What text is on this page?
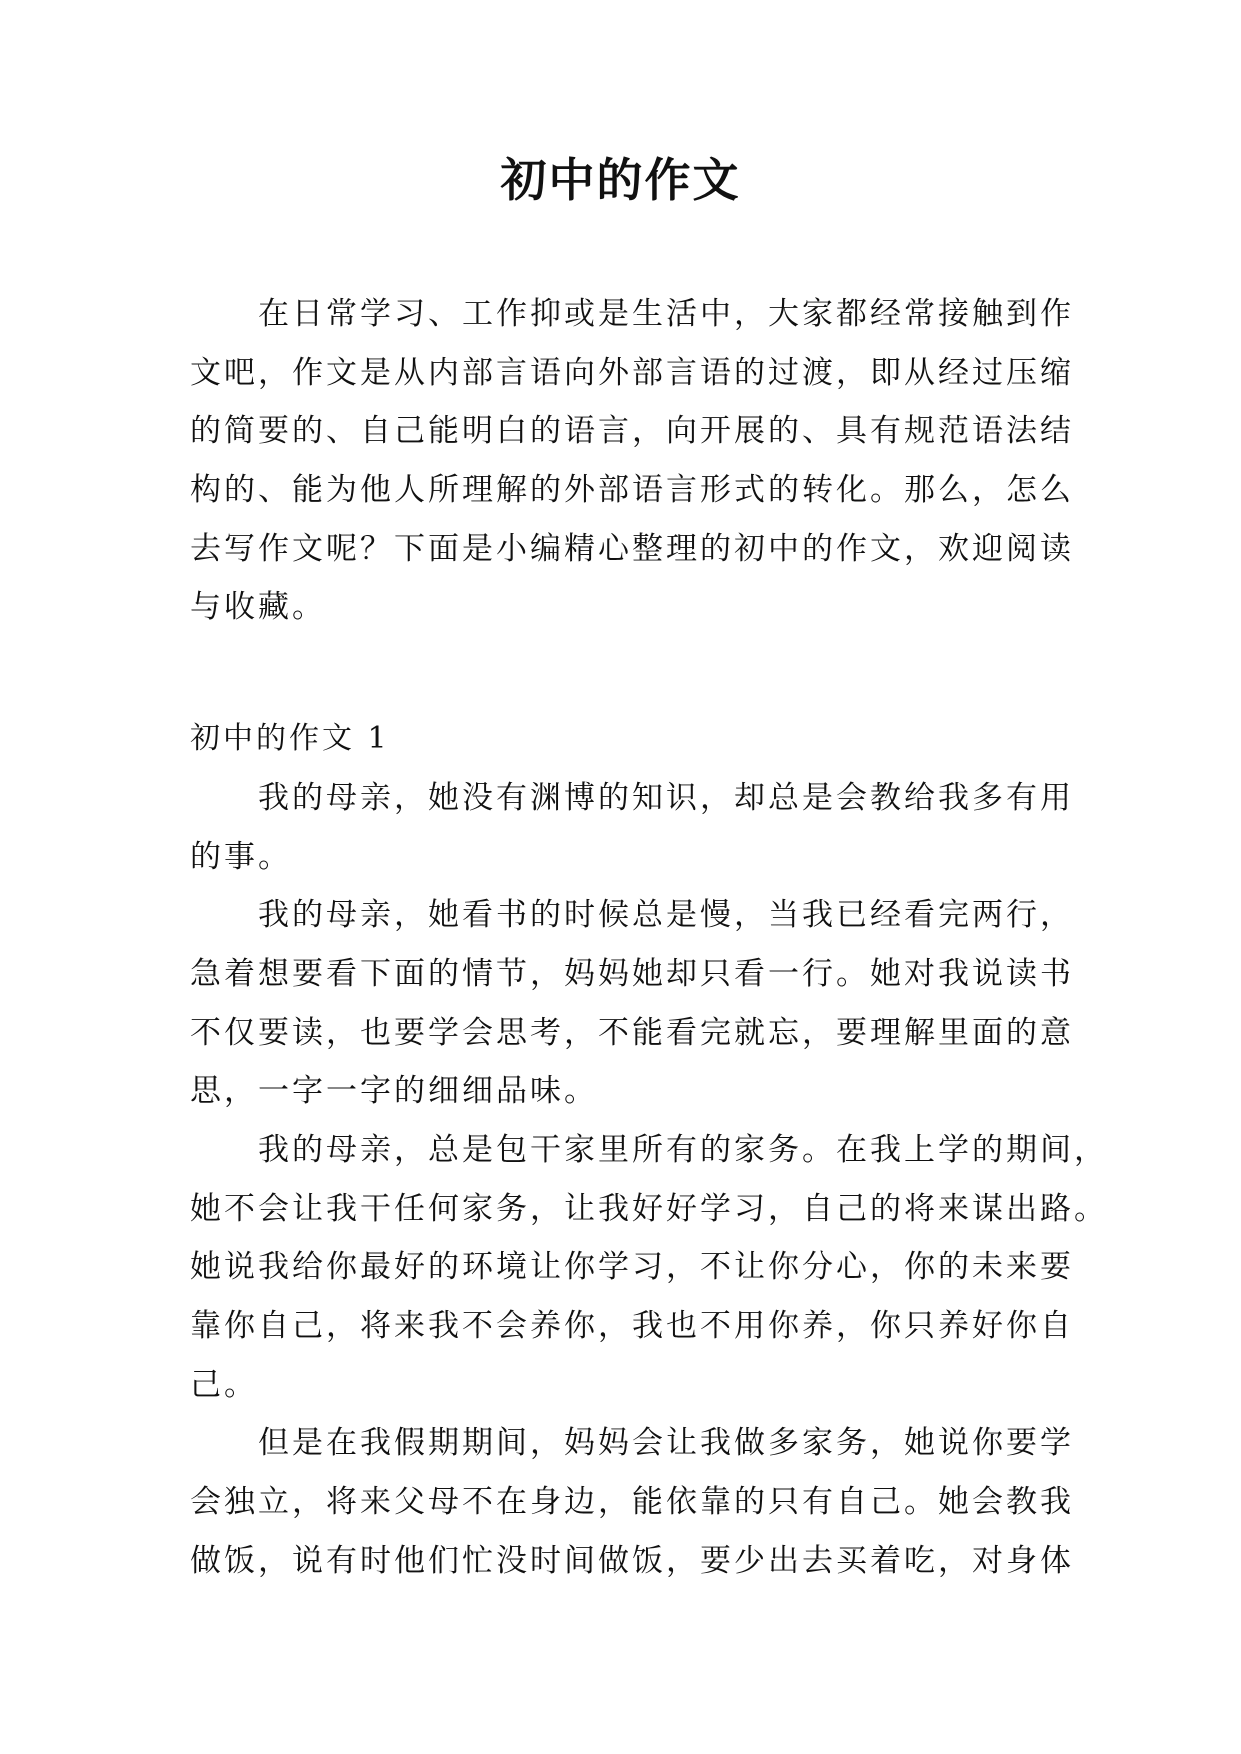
初中的作文
在日常学习、工作抑或是生活中，大家都经常接触到作
文吧，作文是从内部言语向外部言语的过渡，即从经过压缩
的简要的、自己能明白的语言，向开展的、具有规范语法结
构的、能为他人所理解的外部语言形式的转化。那么，怎么
去写作文呢？下面是小编精心整理的初中的作文，欢迎阅读
与收藏。
初中的作文 1
我的母亲，她没有渊博的知识，却总是会教给我多有用
的事。
我的母亲，她看书的时候总是慢，当我已经看完两行，
急着想要看下面的情节，妈妈她却只看一行。她对我说读书
不仅要读，也要学会思考，不能看完就忘，要理解里面的意
思，一字一字的细细品味。
我的母亲，总是包干家里所有的家务。在我上学的期间，
她不会让我干任何家务，让我好好学习，自己的将来谋出路。
她说我给你最好的环境让你学习，不让你分心，你的未来要
靠你自己，将来我不会养你，我也不用你养，你只养好你自
己。
但是在我假期期间，妈妈会让我做多家务，她说你要学
会独立，将来父母不在身边，能依靠的只有自己。她会教我
做饭，说有时他们忙没时间做饭，要少出去买着吃，对身体
